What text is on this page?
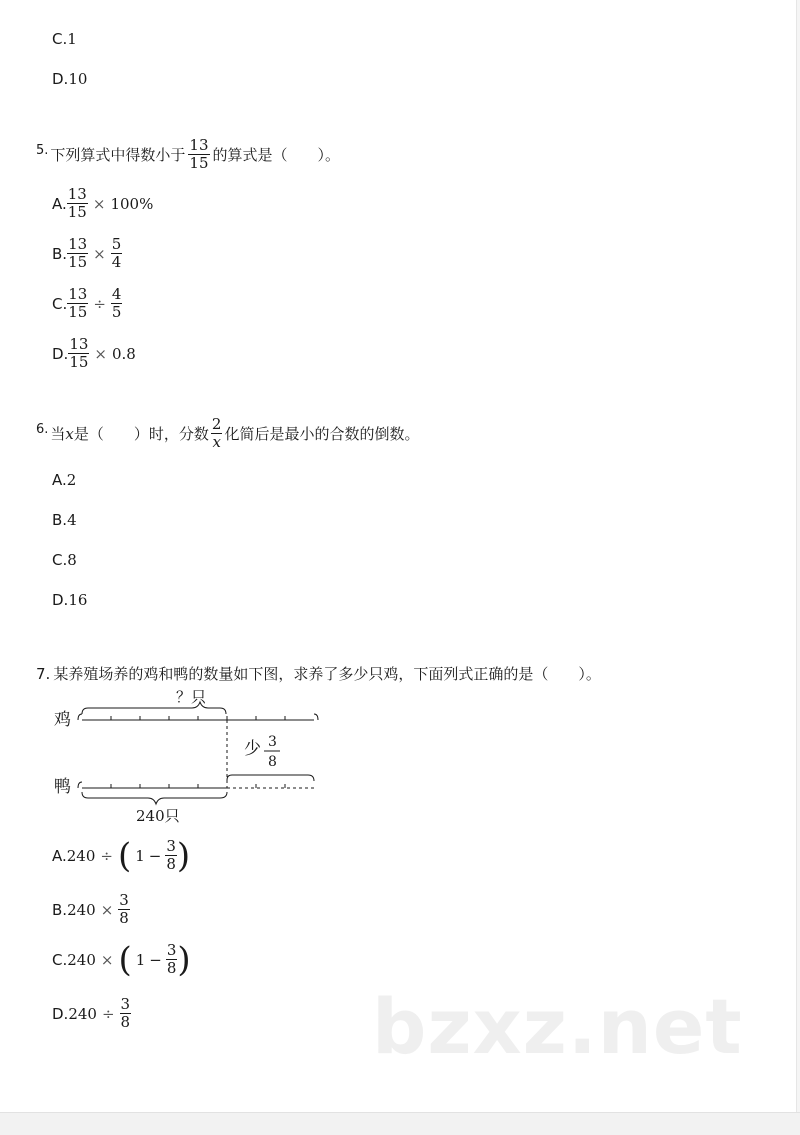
C.1
D.10
5. 下列算式中得数小于 $\frac{13}{15}$ 的算式是（　　）。
A. $\frac{13}{15} \times 100\%$
B. $\frac{13}{15} \times \frac{5}{4}$
C. $\frac{13}{15} \div \frac{4}{5}$
D. $\frac{13}{15} \times 0.8$
6. 当 x 是（　　）时，分数 $\frac{2}{x}$ 化简后是最小的合数的倒数。
A.2
B.4
C.8
D.16
7. 某养殖场养的鸡和鸭的数量如下图，求养了多少只鸡，下面列式正确的是（　　）。
？只
鸡
少 3
8
鸭
240只
A. 240 ÷ ( $1 - \frac{3}{8}$ )
B. $240 \times \frac{3}{8}$
C. 240 × ( $1 - \frac{3}{8}$ )
D. $240 \div \frac{3}{8}$	bzxz.net
